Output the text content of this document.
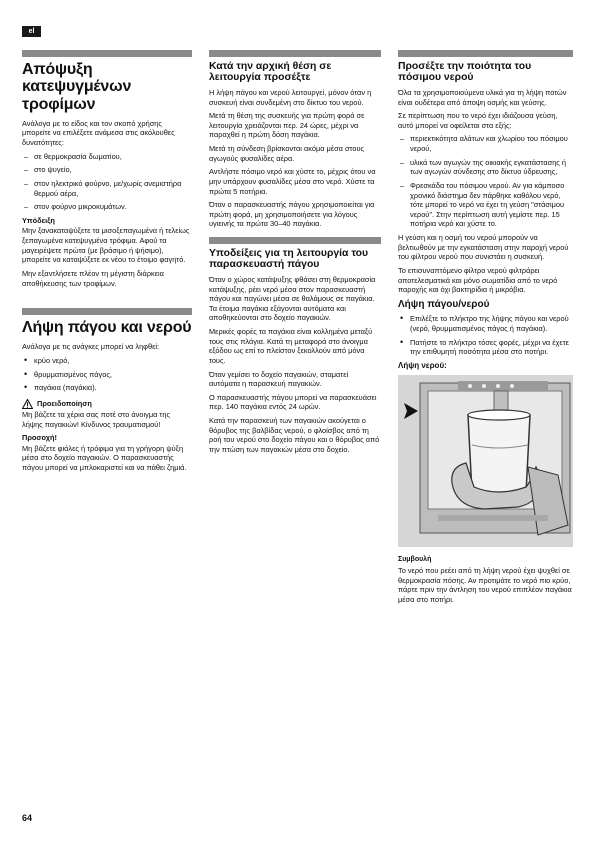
el
Απόψυξη κατεψυγμένων τροφίμων

Ανάλογα με το είδος και τον σκοπό χρήσης μπορείτε να επιλέξετε ανάμεσα στις ακόλουθες δυνατότητες:

– σε θερμοκρασία δωματίου,
– στο ψυγείο,
– στον ηλεκτρικό φούρνο, με/χωρίς ανεμιστήρα θερμού αέρα,
– στον φούρνο μικροκυμάτων.
Υπόδειξη

Μην ξανακαταψύξετε τα μισοξεπαγωμένα ή τελείως ξεπαγωμένα κατεψυγμένα τρόφιμα. Αφού τα μαγειρέψετε πρώτα (με βράσιμο ή ψήσιμο), μπορείτε να καταψύξετε εκ νέου το έτοιμο φαγητό.

Μην εξαντλήσετε πλέον τη μέγιστη διάρκεια αποθήκευσης των τροφίμων.

Λήψη πάγου και νερού

Ανάλογα με τις ανάγκες μπορεί να ληφθεί:

• κρύο νερό,
• θρυμματισμένος πάγος,
• παγάκια (παγάκια).
Προειδοποίηση

Μη βάζετε τα χέρια σας ποτέ στο άνοιγμα της λήψης παγακιών! Κίνδυνος τραυματισμού!

Προσοχή!

Μη βάζετε φιάλες ή τρόφιμα για τη γρήγορη ψύξη μέσα στο δοχείο παγακιών. Ο παρασκευαστής πάγου μπορεί να μπλοκαριστεί και να πάθει ζημιά.

Κατά την αρχική θέση σε λειτουργία προσέξτε

Η λήψη πάγου και νερού λειτουργεί, μόνον όταν η συσκευή είναι συνδεμένη στο δίκτυο του νερού.

Μετά τη θέση της συσκευής για πρώτη φορά σε λειτουργία χρειάζονται περ. 24 ώρες, μέχρι να παραχθεί η πρώτη δόση παγάκια.

Μετά τη σύνδεση βρίσκονται ακόμα μέσα στους αγωγούς φυσαλίδες αέρα.

Αντλήστε πόσιμο νερό και χύστε το, μέχρις ότου να μην υπάρχουν φυσαλίδες μέσα στο νερό. Χύστε τα πρώτα 5 ποτήρια.

Όταν ο παρασκευαστής πάγου χρησιμοποιείται για πρώτη φορά, μη χρησιμοποιήσετε για λόγους υγιεινής τα πρώτα 30–40 παγάκια.

Υποδείξεις για τη λειτουργία του παρασκευαστή πάγου

Όταν ο χώρος κατάψυξης φθάσει στη θερμοκρασία κατάψυξης, ρέει νερό μέσα στον παρασκευαστή πάγου και παγώνει μέσα σε θαλάμους σε παγάκια. Τα έτοιμα παγάκια εξάγονται αυτόματα και αποθηκεύονται στο δοχείο παγακιών.

Μερικές φορές τα παγάκια είναι κολλημένα μεταξύ τους στις πλάγια. Κατά τη μεταφορά στο άνοιγμα εξόδου ως επί το πλείστον ξεκολλούν από μόνα τους.

Όταν γεμίσει το δοχείο παγακιών, σταματεί αυτόματα η παρασκευή παγακιών.

Ο παρασκευαστής πάγου μπορεί να παρασκευάσει περ. 140 παγάκια εντός 24 ωρών.

Κατά την παρασκευή των παγακιών ακούγεται ο θόρυβος της βαλβίδας νερού, ο φλοίσβος από τη ροή του νερού στο δοχείο πάγου και ο θόρυβος από την πτώση των παγακιών μέσα στο δοχείο.

Προσέξτε την ποιότητα του πόσιμου νερού

Όλα τα χρησιμοποιούμενα υλικά για τη λήψη ποτών είναι ουδέτερα από άποψη οσμής και γεύσης.

Σε περίπτωση που το νερό έχει ιδιάζουσα γεύση, αυτό μπορεί να οφείλεται στα εξής:

– περιεκτικότητα αλάτων και χλωρίου του πόσιμου νερού,
– υλικά των αγωγών της οικιακής εγκατάστασης ή των αγωγών σύνδεσης στο δίκτυο ύδρευσης,
– Φρεσκάδα του πόσιμου νερού. Αν για κάμποσο χρονικό διάστημα δεν πάρθηκε καθόλου νερό, τότε μπορεί το νερό να έχει τη γεύση "στάσιμου νερού". Στην περίπτωση αυτή γεμίστε περ. 15 ποτήρια νερό και χύστε το.

Η γεύση και η οσμή του νερού μπορούν να βελτιωθούν με την εγκατάσταση στην παροχή νερού του φίλτρου νερού που συνιστάει η συσκευή.

Το επισυναπτόμενο φίλτρο νερού φιλτράρει αποτελεσματικά και μόνο σωματίδια από το νερό παροχής και όχι βακτηρίδια ή μικρόβια.

Λήψη πάγου/νερού
• Επιλέξτε το πλήκτρο της λήψης πάγου και νερού (νερό, θρυμματισμένος πάγος ή παγάκια).
• Πατήστε το πλήκτρο τόσες φορές, μέχρι να έχετε την επιθυμητή ποσότητα μέσα στο ποτήρι.
Λήψη νερού:
Συμβουλή

Το νερό που ρεέει από τη λήψη νερού έχει ψυχθεί σε θερμοκρασία πόσης. Αν προτιμάτε το νερό πιο κρύο, πάρτε πριν την άντληση του νερού επιπλέον παγάκια μέσα στο ποτήρι.

64
